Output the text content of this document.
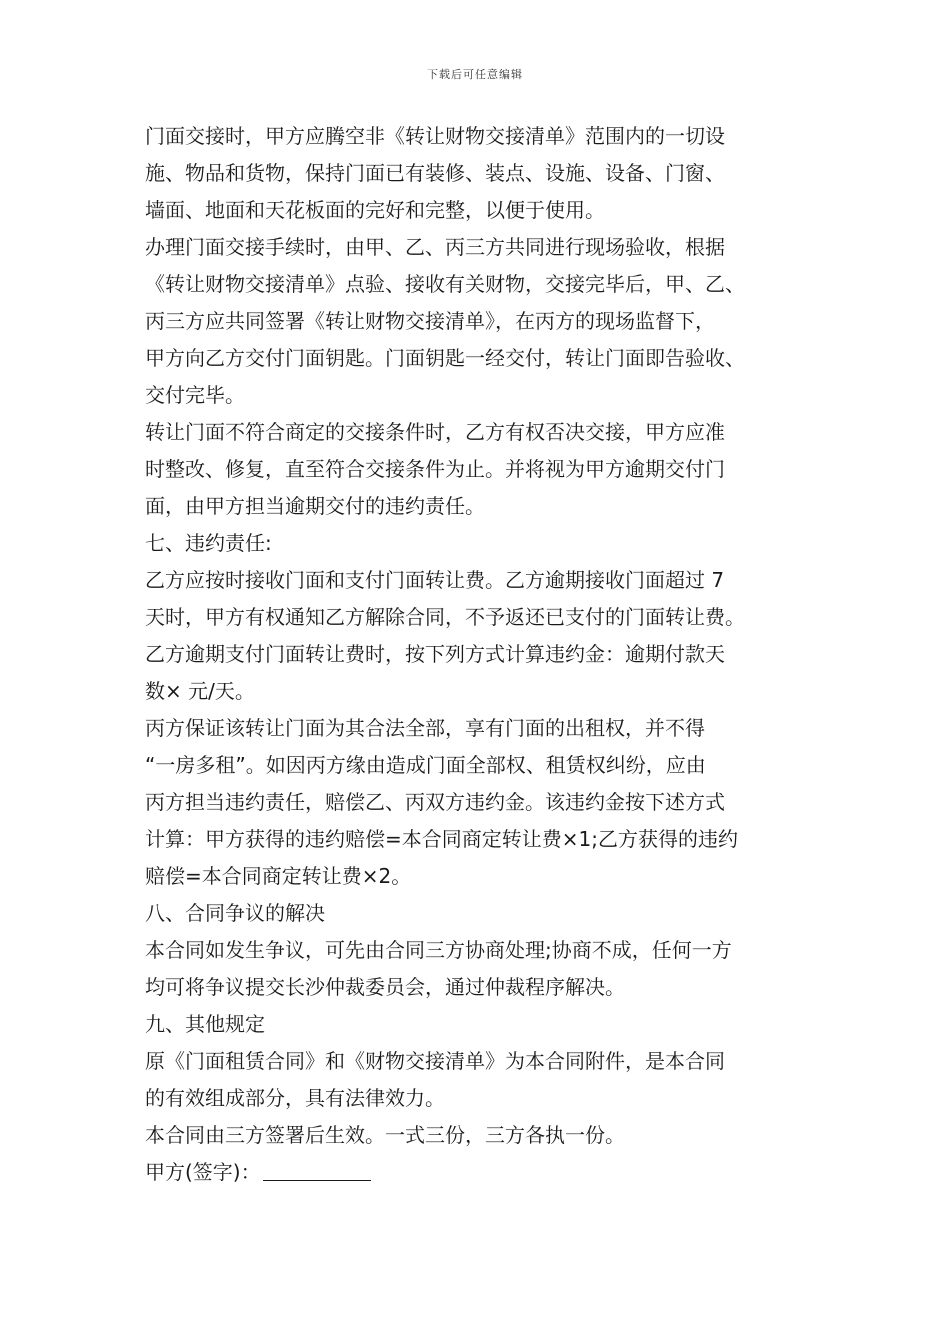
下载后可任意编辑
门面交接时，甲方应腾空非《转让财物交接清单》范围内的一切设
施、物品和货物，保持门面已有装修、装点、设施、设备、门窗、
墙面、地面和天花板面的完好和完整，以便于使用。
办理门面交接手续时，由甲、乙、丙三方共同进行现场验收，根据
《转让财物交接清单》点验、接收有关财物，交接完毕后，甲、乙、
丙三方应共同签署《转让财物交接清单》，在丙方的现场监督下，
甲方向乙方交付门面钥匙。门面钥匙一经交付，转让门面即告验收、
交付完毕。
转让门面不符合商定的交接条件时，乙方有权否决交接，甲方应准
时整改、修复，直至符合交接条件为止。并将视为甲方逾期交付门
面，由甲方担当逾期交付的违约责任。
七、违约责任:
乙方应按时接收门面和支付门面转让费。乙方逾期接收门面超过 7
天时，甲方有权通知乙方解除合同，不予返还已支付的门面转让费。
乙方逾期支付门面转让费时，按下列方式计算违约金：逾期付款天
数× 元/天。
丙方保证该转让门面为其合法全部，享有门面的出租权，并不得
“一房多租”。如因丙方缘由造成门面全部权、租赁权纠纷，应由
丙方担当违约责任，赔偿乙、丙双方违约金。该违约金按下述方式
计算：甲方获得的违约赔偿=本合同商定转让费×1;乙方获得的违约
赔偿=本合同商定转让费×2。
八、合同争议的解决
本合同如发生争议，可先由合同三方协商处理;协商不成，任何一方
均可将争议提交长沙仲裁委员会，通过仲裁程序解决。
九、其他规定
原《门面租赁合同》和《财物交接清单》为本合同附件，是本合同
的有效组成部分，具有法律效力。
本合同由三方签署后生效。一式三份，三方各执一份。
甲方(签字)：
